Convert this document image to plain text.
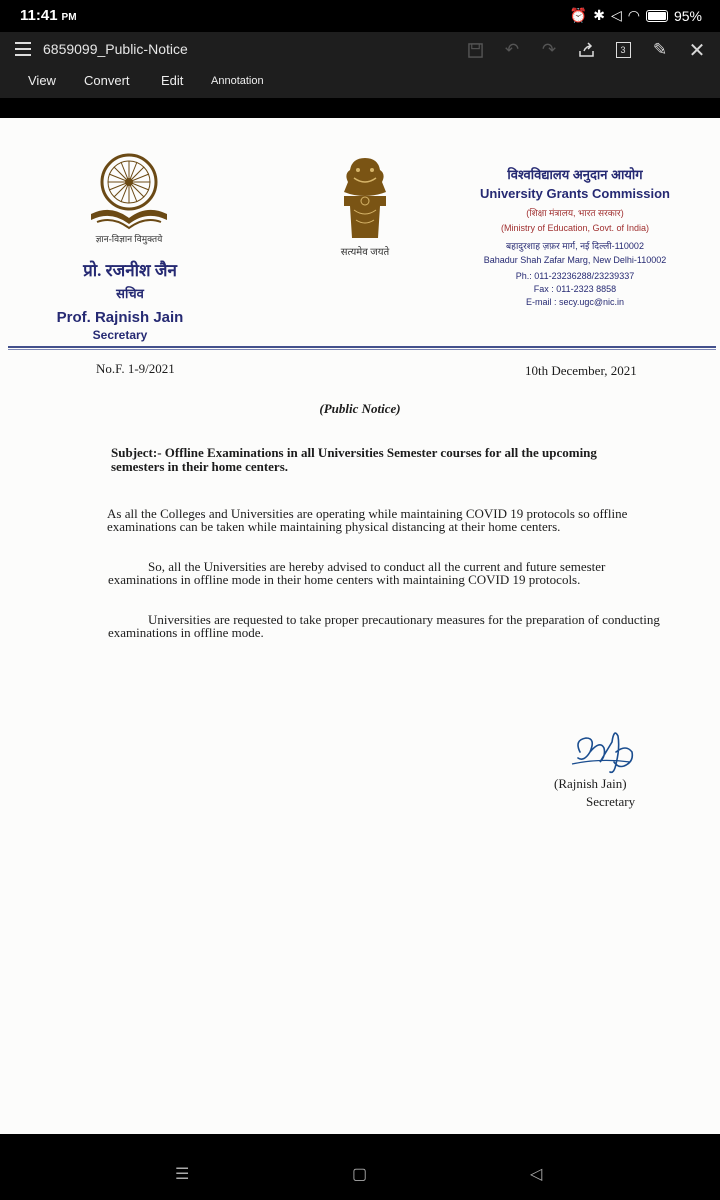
11:41 PM	⏰ ✱ ◁ ◠ 95%
6859099_Public-Notice	↶ ↷	3 ✎ ✕
View Convert Edit	Annotation
ज्ञान-विज्ञान विमुक्तये
प्रो. रजनीश जैन
सचिव
Prof. Rajnish Jain
Secretary
सत्यमेव जयते
विश्वविद्यालय अनुदान आयोग
University Grants Commission
(शिक्षा मंत्रालय, भारत सरकार)
(Ministry of Education, Govt. of India)
बहादुरशाह ज़फ़र मार्ग, नई दिल्ली-110002
Bahadur Shah Zafar Marg, New Delhi-110002
Ph.: 011-23236288/23239337
Fax : 011-2323 8858
E-mail : secy.ugc@nic.in
No.F. 1-9/2021	10th December, 2021
(Public Notice)
Subject:- Offline Examinations in all Universities Semester courses for all the upcoming semesters in their home centers.
As all the Colleges and Universities are operating while maintaining COVID 19 protocols so offline examinations can be taken while maintaining physical distancing at their home centers.
So, all the Universities are hereby advised to conduct all the current and future semester examinations in offline mode in their home centers with maintaining COVID 19 protocols.
Universities are requested to take proper precautionary measures for the preparation of conducting examinations in offline mode.
(Rajnish Jain)
Secretary
☰	▢	◁
